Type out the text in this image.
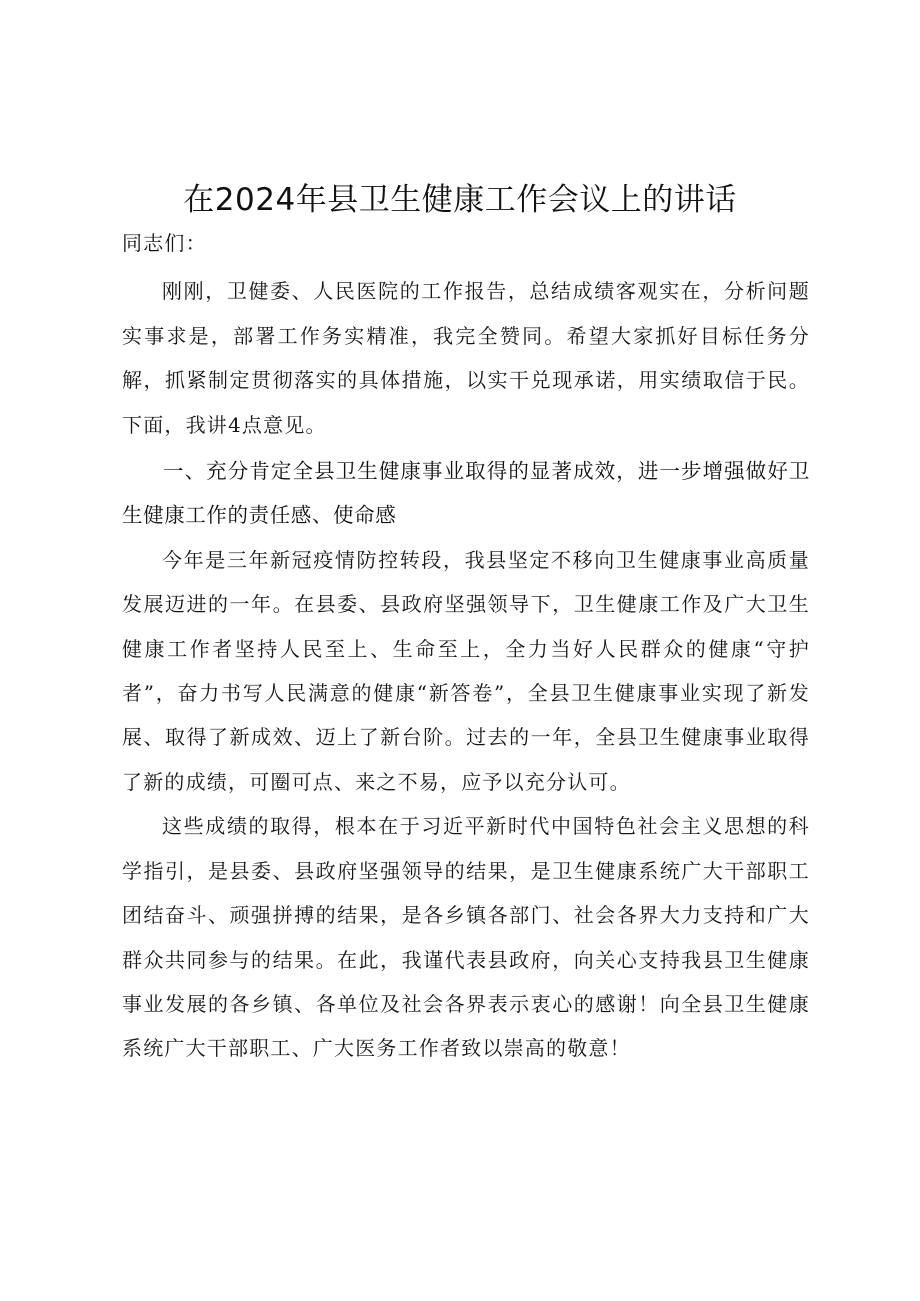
在2024年县卫生健康工作会议上的讲话

同志们：

刚刚，卫健委、人民医院的工作报告，总结成绩客观实在，分析问题实事求是，部署工作务实精准，我完全赞同。希望大家抓好目标任务分解，抓紧制定贯彻落实的具体措施，以实干兑现承诺，用实绩取信于民。下面，我讲4点意见。

一、充分肯定全县卫生健康事业取得的显著成效，进一步增强做好卫生健康工作的责任感、使命感

今年是三年新冠疫情防控转段，我县坚定不移向卫生健康事业高质量发展迈进的一年。在县委、县政府坚强领导下，卫生健康工作及广大卫生健康工作者坚持人民至上、生命至上，全力当好人民群众的健康“守护者”，奋力书写人民满意的健康“新答卷”，全县卫生健康事业实现了新发展、取得了新成效、迈上了新台阶。过去的一年，全县卫生健康事业取得了新的成绩，可圈可点、来之不易，应予以充分认可。

这些成绩的取得，根本在于习近平新时代中国特色社会主义思想的科学指引，是县委、县政府坚强领导的结果，是卫生健康系统广大干部职工团结奋斗、顽强拼搏的结果，是各乡镇各部门、社会各界大力支持和广大群众共同参与的结果。在此，我谨代表县政府，向关心支持我县卫生健康事业发展的各乡镇、各单位及社会各界表示衷心的感谢！向全县卫生健康系统广大干部职工、广大医务工作者致以崇高的敬意！
